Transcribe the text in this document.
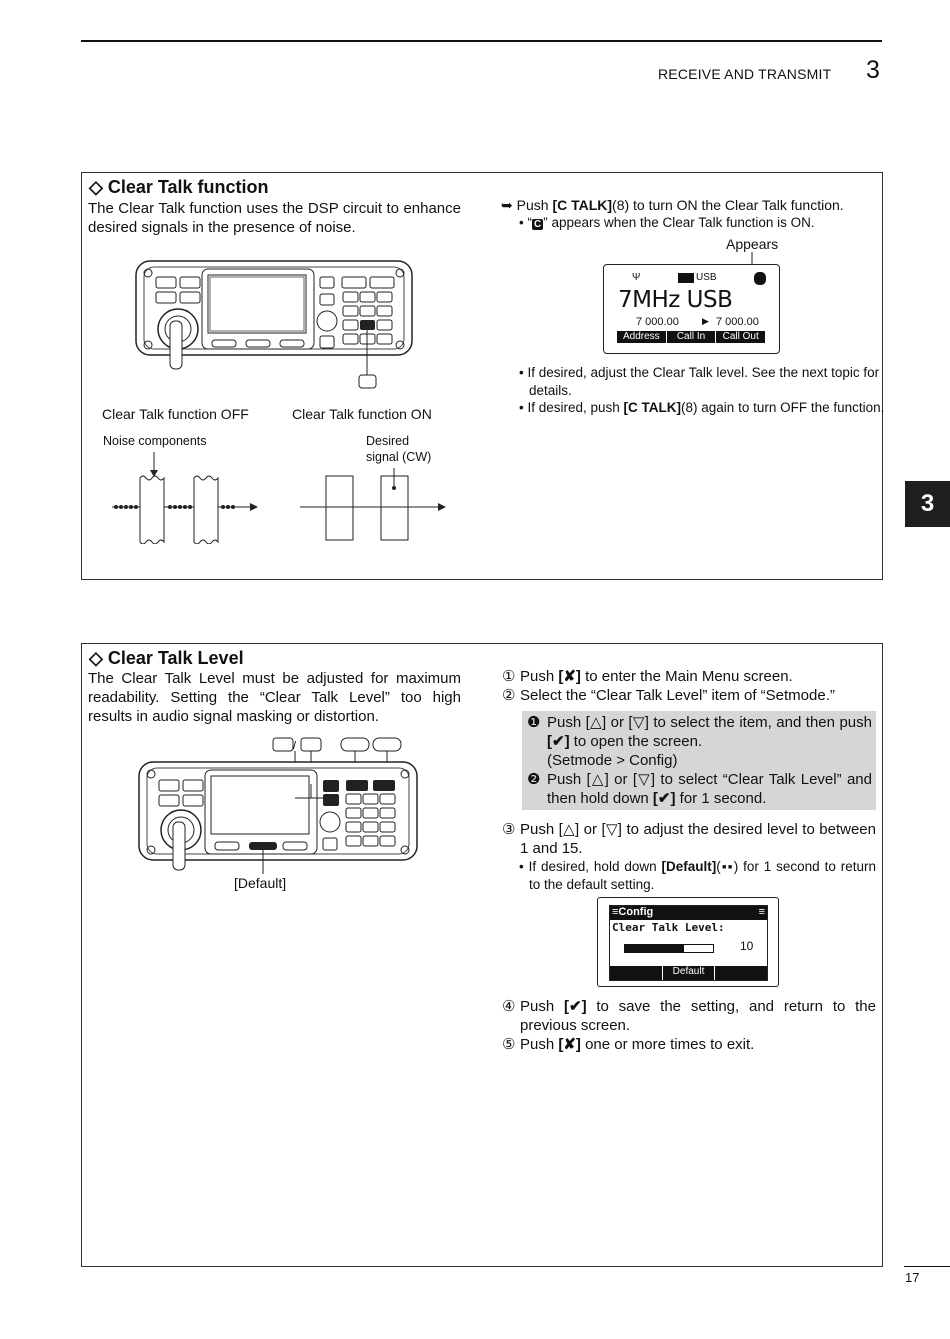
RECEIVE AND TRANSMIT 3
3
◇ Clear Talk function
The Clear Talk function uses the DSP circuit to enhance desired signals in the presence of noise.
Clear Talk function OFF	Clear Talk function ON
Noise components	Desired
signal (CW)
➥ Push [C TALK](8) to turn ON the Clear Talk function.
• “ C ” appears when the Clear Talk function is ON.
Appears
Ψ	USB
7MHz USB
7 000.00	▶ 7 000.00
Address	Call In	Call Out
• If desired, adjust the Clear Talk level. See the next topic for details.
• If desired, push [C TALK](8) again to turn OFF the function.
◇ Clear Talk Level
The Clear Talk Level must be adjusted for maximum readability. Setting the “Clear Talk Level” too high results in audio signal masking or distortion.
/
[Default]
① Push [✘] to enter the Main Menu screen.
② Select the “Clear Talk Level” item of “Setmode.”
❶ Push [△] or [▽] to select the item, and then push [✔] to open the screen.
(Setmode > Config)
❷ Push [△] or [▽] to select “Clear Talk Level” and then hold down [✔] for 1 second.
③ Push [△] or [▽] to adjust the desired level to between 1 and 15.
• If desired, hold down [Default](▪▪) for 1 second to return to the default setting.
≡Config	≡
Clear Talk Level:
10
Default
④ Push [✔] to save the setting, and return to the previous screen.
⑤ Push [✘] one or more times to exit.
17
